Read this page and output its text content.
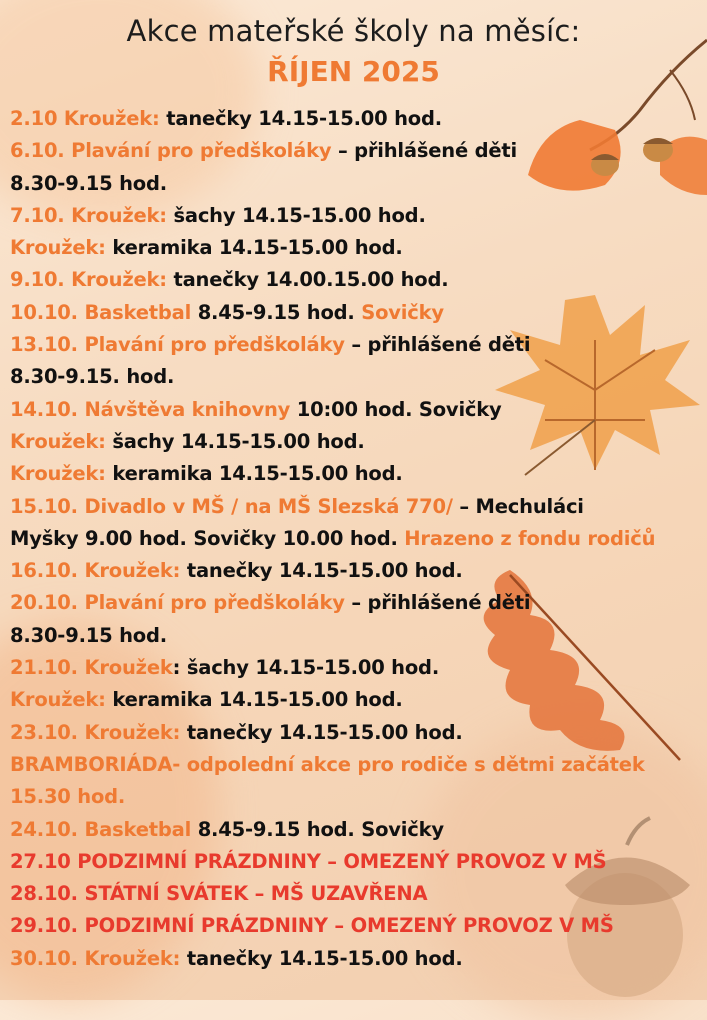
Akce mateřské školy na měsíc:
ŘÍJEN 2025
2.10 Kroužek: tanečky 14.15-15.00 hod.
6.10. Plavání pro předškoláky – přihlášené děti
8.30-9.15 hod.
7.10. Kroužek: šachy 14.15-15.00 hod.
Kroužek: keramika 14.15-15.00 hod.
9.10. Kroužek: tanečky 14.00.15.00 hod.
10.10. Basketbal 8.45-9.15 hod. Sovičky
13.10. Plavání pro předškoláky – přihlášené děti
8.30-9.15. hod.
14.10. Návštěva knihovny 10:00 hod. Sovičky
Kroužek: šachy 14.15-15.00 hod.
Kroužek: keramika 14.15-15.00 hod.
15.10. Divadlo v MŠ / na MŠ Slezská 770/ – Mechuláci
Myšky 9.00 hod. Sovičky 10.00 hod. Hrazeno z fondu rodičů
16.10. Kroužek: tanečky 14.15-15.00 hod.
20.10. Plavání pro předškoláky – přihlášené děti
8.30-9.15 hod.
21.10. Kroužek: šachy 14.15-15.00 hod.
Kroužek: keramika 14.15-15.00 hod.
23.10. Kroužek: tanečky 14.15-15.00 hod.
BRAMBORIÁDA- odpolední akce pro rodiče s dětmi začátek
15.30 hod.
24.10. Basketbal 8.45-9.15 hod. Sovičky
27.10 PODZIMNÍ PRÁZDNINY – OMEZENÝ PROVOZ V MŠ
28.10. STÁTNÍ SVÁTEK – MŠ UZAVŘENA
29.10. PODZIMNÍ PRÁZDNINY – OMEZENÝ PROVOZ V MŠ
30.10. Kroužek: tanečky 14.15-15.00 hod.
